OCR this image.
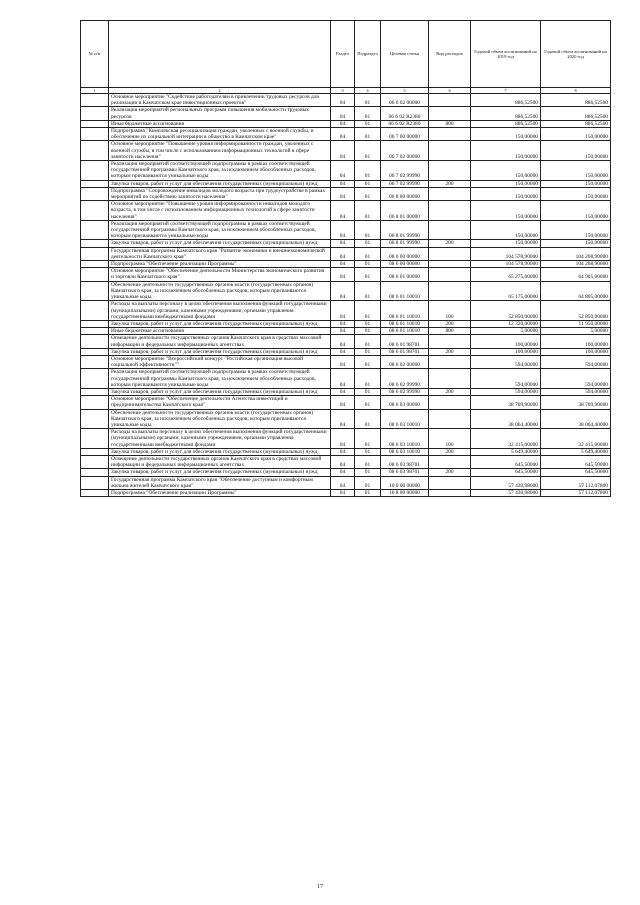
№ п/п		Раздел	Подраздел	Целевая статья	Вид расходов	Годовой объем ассигнований на 2019 год	Годовой объем ассигнований на 2020 год
1	2	3	4	5	6	7	8
	Основное мероприятие "Содействие работодателям в привлечении трудовых ресурсов для реализации в Камчатском крае инвестиционных проектов"	04	01	06 6 02 00000		886,52500	886,52500
	Реализация мероприятий региональных программ повышения мобильности трудовых ресурсов	04	01	06 6 02 R2380		886,52500	886,52500
	Иные бюджетные ассигнования	04	01	06 6 02 R2380	800	886,52500	886,52500
	Подпрограмма "Комплексная ресоциализация граждан, уволенных с военной службы, и обеспечение их социальной интеграции в общество в Камчатском крае"	04	01	06 7 00 00000		150,00000	150,00000
	Основное мероприятие "Повышение уровня информированности граждан, уволенных с военной службы, в том числе с использованием информационных технологий в сфере занятости населения"	04	01	06 7 02 00000		150,00000	150,00000
	Реализация мероприятий соответствующей подпрограммы в рамках соответствующей государственной программы Камчатского края, за исключением обособленных расходов, которым присваиваются уникальные коды	04	01	06 7 02 99990		150,00000	150,00000
	Закупка товаров, работ и услуг для обеспечения государственных (муниципальных) нужд	04	01	06 7 02 99990	200	150,00000	150,00000
	Подпрограмма "Сопровождение инвалидов молодого возраста при трудоустройстве в рамках мероприятий по содействию занятости населения"	04	01	06 8 00 00000		150,00000	150,00000
	Основное мероприятие "Повышение уровня информированности инвалидов молодого возраста, в том числе с использованием информационных технологий в сфере занятости населения"	04	01	06 8 01 00000		150,00000	150,00000
	Реализация мероприятий соответствующей подпрограммы в рамках соответствующей государственной программы Камчатского края, за исключением обособленных расходов, которым присваиваются уникальные коды	04	01	06 8 01 99990		150,00000	150,00000
	Закупка товаров, работ и услуг для обеспечения государственных (муниципальных) нужд	04	01	06 8 01 99990	200	150,00000	150,00000
	Государственная программа Камчатского края "Развитие экономики и внешнеэкономической деятельности Камчатского края"	04	01	08 0 00 00000		104 578,90000	104 208,90000
	Подпрограмма "Обеспечение реализации Программы"	04	01	08 6 00 00000		104 578,90000	104 208,90000
	Основное мероприятие "Обеспечение деятельности Министерства экономического развития и торговли Камчатского края"	04	01	08 6 01 00000		65 275,00000	64 905,00000
	Обеспечение деятельности государственных органов власти (государственных органов) Камчатского края, за исключением обособленных расходов, которым присваиваются уникальные коды.	04	01	08 6 01 10010		65 175,00000	64 805,00000
	Расходы на выплаты персоналу в целях обеспечения выполнения функций государственными (муниципальными) органами, казенными учреждениями, органами управления государственными внебюджетными фондами	04	01	08 6 01 10010	100	52 850,00000	52 850,00000
	Закупка товаров, работ и услуг для обеспечения государственных (муниципальных) нужд	04	01	08 6 01 10010	200	12 320,00000	11 950,00000
	Иные бюджетные ассигнования	04	01	08 6 01 10010	800	5,00000	5,00000
	Освещение деятельности государственных органов Камчатского края в средствах массовой информации и федеральных информационных агентствах	04	01	08 6 01 98701		100,00000	100,00000
	Закупка товаров, работ и услуг для обеспечения государственных (муниципальных) нужд	04	01	08 6 01 98701	200	100,00000	100,00000
	Основное мероприятие "Всероссийский конкурс "Российская организация высокой социальной эффективности""	04	01	08 6 02 00000		594,00000	594,00000
	Реализация мероприятий соответствующей подпрограммы в рамках соответствующей государственной программы Камчатского края, за исключением обособленных расходов, которым присваиваются уникальные коды	04	01	08 6 02 99990		594,00000	594,00000
	Закупка товаров, работ и услуг для обеспечения государственных (муниципальных) нужд	04	01	08 6 02 99990	200	594,00000	594,00000
	Основное мероприятие "Обеспечение деятельности Агентства инвестиций и предпринимательства Камчатского края"	04	01	08 6 03 00000		38 709,90000	38 709,90000
	Обеспечение деятельности государственных органов власти (государственных органов) Камчатского края, за исключением обособленных расходов, которым присваиваются уникальные коды.	04	01	08 6 03 10010		38 064,40000	38 064,40000
	Расходы на выплаты персоналу в целях обеспечения выполнения функций государственными (муниципальными) органами, казенными учреждениями, органами управления государственными внебюджетными фондами	04	01	08 6 03 10010	100	32 415,00000	32 415,00000
	Закупка товаров, работ и услуг для обеспечения государственных (муниципальных) нужд	04	01	08 6 03 10010	200	5 649,40000	5 649,40000
	Освещение деятельности государственных органов Камчатского края в средствах массовой информации и федеральных информационных агентствах	04	01	08 6 03 98701		645,50000	645,50000
	Закупка товаров, работ и услуг для обеспечения государственных (муниципальных) нужд	04	01	08 6 03 98701	200	645,50000	645,50000
	Государственная программа Камчатского края "Обеспечение доступным и комфортным жильем жителей Камчатского края"	04	01	10 0 00 00000		57 430,98000	57 112,07800
	Подпрограмма "Обеспечение реализации Программы"	04	01	10 8 00 00000		57 430,98000	57 112,07800
17
